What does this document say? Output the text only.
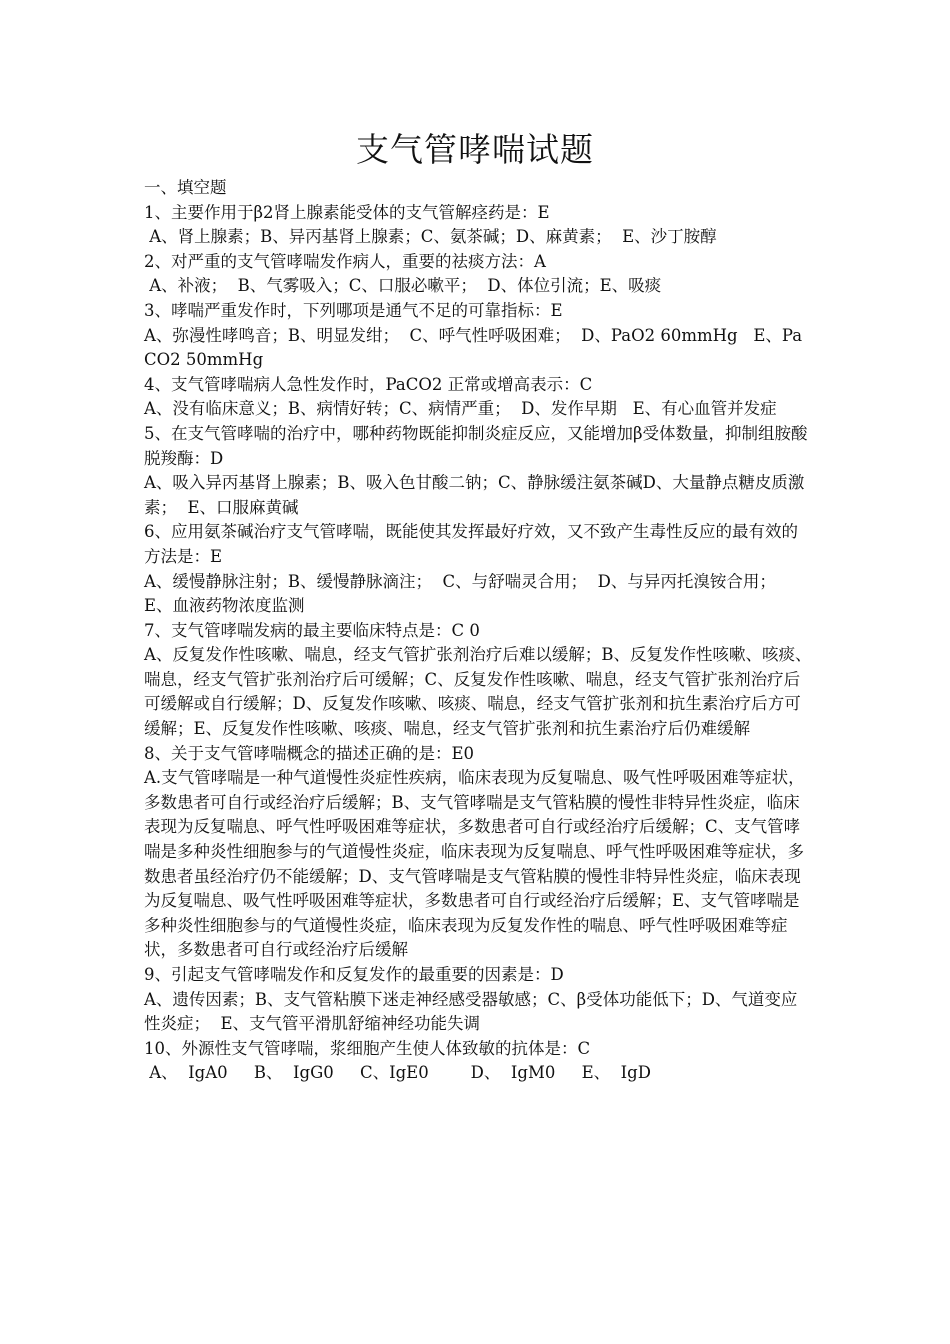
支气管哮喘试题
一、填空题
1、主要作用于β2肾上腺素能受体的支气管解痉药是：E
A、肾上腺素；B、异丙基肾上腺素；C、氨茶碱；D、麻黄素；  E、沙丁胺醇
2、对严重的支气管哮喘发作病人，重要的祛痰方法：A
A、补液；  B、气雾吸入；C、口服必嗽平；  D、体位引流；E、吸痰
3、哮喘严重发作时，下列哪项是通气不足的可靠指标：E
A、弥漫性哮鸣音；B、明显发绀；  C、呼气性呼吸困难；  D、PaO2 60mmHg   E、PaCO2 50mmHg
4、支气管哮喘病人急性发作时，PaCO2 正常或增高表示：C
A、没有临床意义；B、病情好转；C、病情严重；  D、发作早期   E、有心血管并发症
5、在支气管哮喘的治疗中，哪种药物既能抑制炎症反应，又能增加β受体数量，抑制组胺酸脱羧酶：D
A、吸入异丙基肾上腺素；B、吸入色甘酸二钠；C、静脉缓注氨茶碱D、大量静点糖皮质激素；  E、口服麻黄碱
6、应用氨茶碱治疗支气管哮喘，既能使其发挥最好疗效，又不致产生毒性反应的最有效的方法是：E
A、缓慢静脉注射；B、缓慢静脉滴注；  C、与舒喘灵合用；  D、与异丙托溴铵合用；  E、血液药物浓度监测
7、支气管哮喘发病的最主要临床特点是：C 0
A、反复发作性咳嗽、喘息，经支气管扩张剂治疗后难以缓解；B、反复发作性咳嗽、咳痰、喘息，经支气管扩张剂治疗后可缓解；C、反复发作性咳嗽、喘息，经支气管扩张剂治疗后可缓解或自行缓解；D、反复发作咳嗽、咳痰、喘息，经支气管扩张剂和抗生素治疗后方可缓解；E、反复发作性咳嗽、咳痰、喘息，经支气管扩张剂和抗生素治疗后仍难缓解
8、关于支气管哮喘概念的描述正确的是：E0
A.支气管哮喘是一种气道慢性炎症性疾病，临床表现为反复喘息、吸气性呼吸困难等症状，多数患者可自行或经治疗后缓解；B、支气管哮喘是支气管粘膜的慢性非特异性炎症，临床表现为反复喘息、呼气性呼吸困难等症状，多数患者可自行或经治疗后缓解；C、支气管哮喘是多种炎性细胞参与的气道慢性炎症，临床表现为反复喘息、呼气性呼吸困难等症状，多数患者虽经治疗仍不能缓解；D、支气管哮喘是支气管粘膜的慢性非特异性炎症，临床表现为反复喘息、吸气性呼吸困难等症状，多数患者可自行或经治疗后缓解；E、支气管哮喘是多种炎性细胞参与的气道慢性炎症，临床表现为反复发作性的喘息、呼气性呼吸困难等症状，多数患者可自行或经治疗后缓解
9、引起支气管哮喘发作和反复发作的最重要的因素是：D
A、遗传因素；B、支气管粘膜下迷走神经感受器敏感；C、β受体功能低下；D、气道变应性炎症；  E、支气管平滑肌舒缩神经功能失调
10、外源性支气管哮喘，浆细胞产生使人体致敏的抗体是：C
A、  IgA0     B、  IgG0     C、IgE0        D、  IgM0     E、  IgD
